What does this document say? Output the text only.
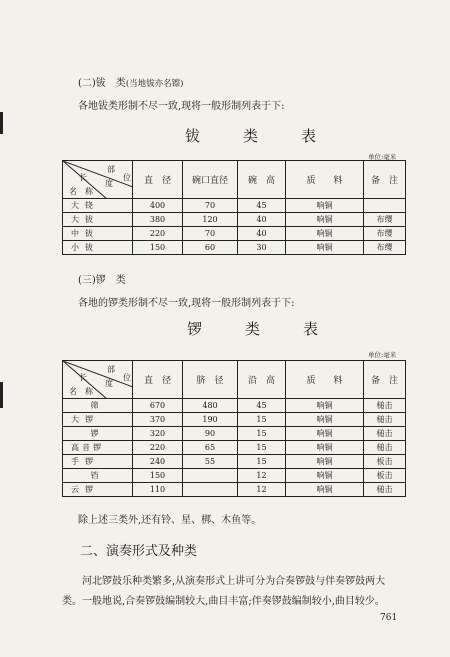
(二)钹　类(当地钹亦名镲)
各地钹类形制不尽一致,现将一般形制列表于下:
钹　类　表
单位:毫米
部
长
度
位
名　称	直　径	碗口直径	碗　高	质　　料	备　注
大铙	400	70	45	响铜	
大钹	380	120	40	响铜	布缨
中钹	220	70	40	响铜	布缨
小钹	150	60	30	响铜	布缨
(三)锣　类
各地的锣类形制不尽一致,现将一般形制列表于下:
锣　类　表
单位:毫米
部
长
度
位
名　称	直　径	脐　径	沿　高	质　　料	备　注
筛	670	480	45	响铜	槌击
大锣	370	190	15	响铜	槌击
锣	320	90	15	响铜	槌击
高音锣	220	65	15	响铜	槌击
手锣	240	55	15	响铜	板击
铛	150		12	响铜	板击
云锣	110		12	响铜	槌击
除上述三类外,还有铃、星、梆、木鱼等。
二、演奏形式及种类
河北锣鼓乐种类繁多,从演奏形式上讲可分为合奏锣鼓与伴奏锣鼓两大类。一般地说,合奏锣鼓编制较大,曲目丰富;伴奏锣鼓编制较小,曲目较少。
761
